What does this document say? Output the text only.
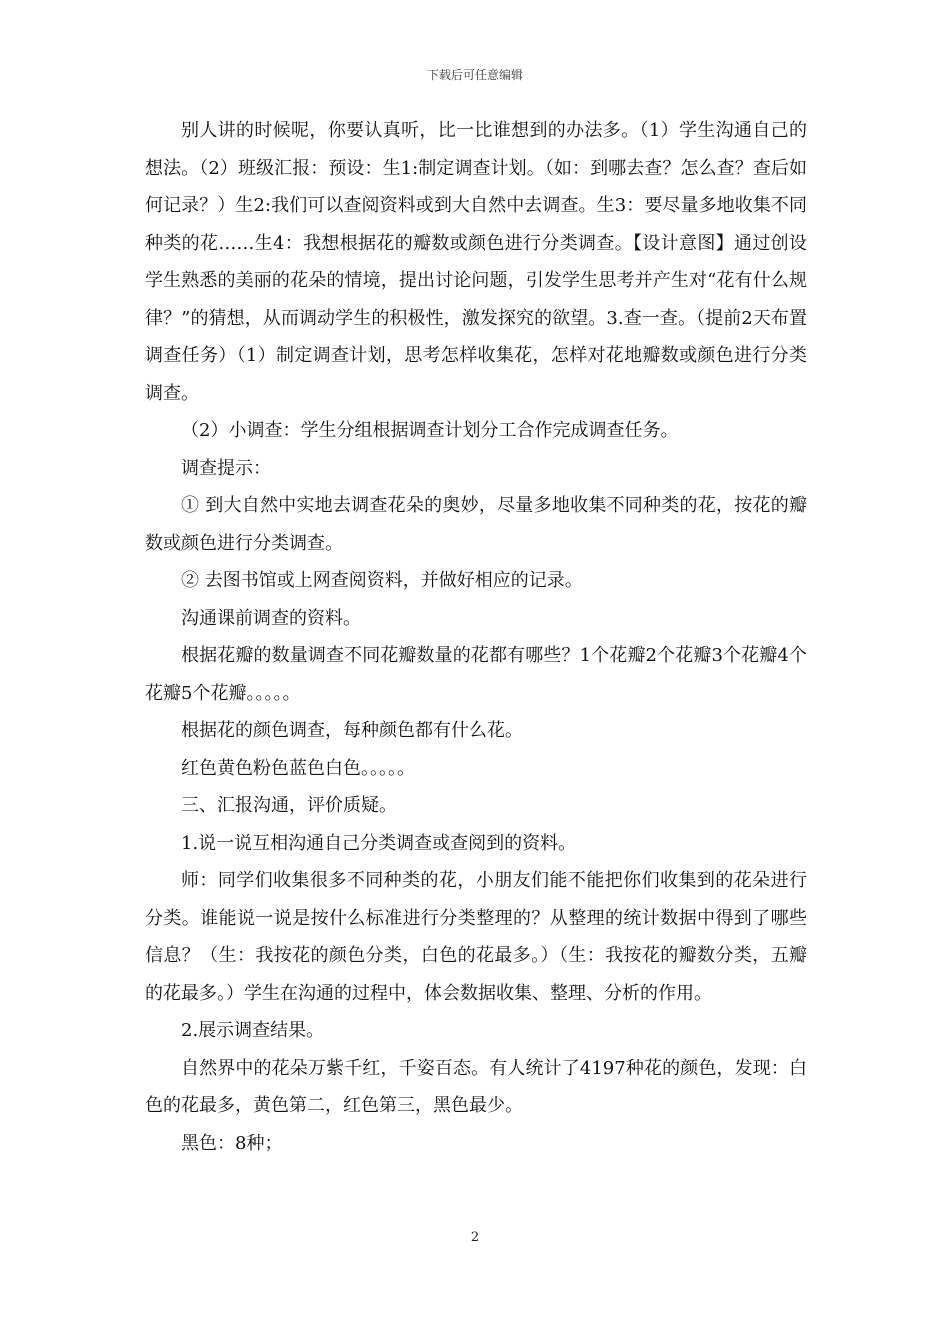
下载后可任意编辑

别人讲的时候呢，你要认真听，比一比谁想到的办法多。（1）学生沟通自己的想法。（2）班级汇报：预设：生1:制定调查计划。（如：到哪去查？怎么查？查后如何记录？）生2:我们可以查阅资料或到大自然中去调查。生3：要尽量多地收集不同种类的花……生4：我想根据花的瓣数或颜色进行分类调查。【设计意图】通过创设学生熟悉的美丽的花朵的情境，提出讨论问题，引发学生思考并产生对“花有什么规律？”的猜想，从而调动学生的积极性，激发探究的欲望。3.查一查。（提前2天布置调查任务）（1）制定调查计划，思考怎样收集花，怎样对花地瓣数或颜色进行分类调查。

（2）小调查：学生分组根据调查计划分工合作完成调查任务。

调查提示：

① 到大自然中实地去调查花朵的奥妙，尽量多地收集不同种类的花，按花的瓣数或颜色进行分类调查。

② 去图书馆或上网查阅资料，并做好相应的记录。

沟通课前调查的资料。

根据花瓣的数量调查不同花瓣数量的花都有哪些？1个花瓣2个花瓣3个花瓣4个花瓣5个花瓣。。。。。

根据花的颜色调查，每种颜色都有什么花。

红色黄色粉色蓝色白色。。。。。

三、汇报沟通，评价质疑。

1.说一说互相沟通自己分类调查或查阅到的资料。

师：同学们收集很多不同种类的花，小朋友们能不能把你们收集到的花朵进行分类。谁能说一说是按什么标准进行分类整理的？从整理的统计数据中得到了哪些信息？（生：我按花的颜色分类，白色的花最多。）（生：我按花的瓣数分类，五瓣的花最多。）学生在沟通的过程中，体会数据收集、整理、分析的作用。

2.展示调查结果。

自然界中的花朵万紫千红，千姿百态。有人统计了4197种花的颜色，发现：白色的花最多，黄色第二，红色第三，黑色最少。

黑色：8种；

2
